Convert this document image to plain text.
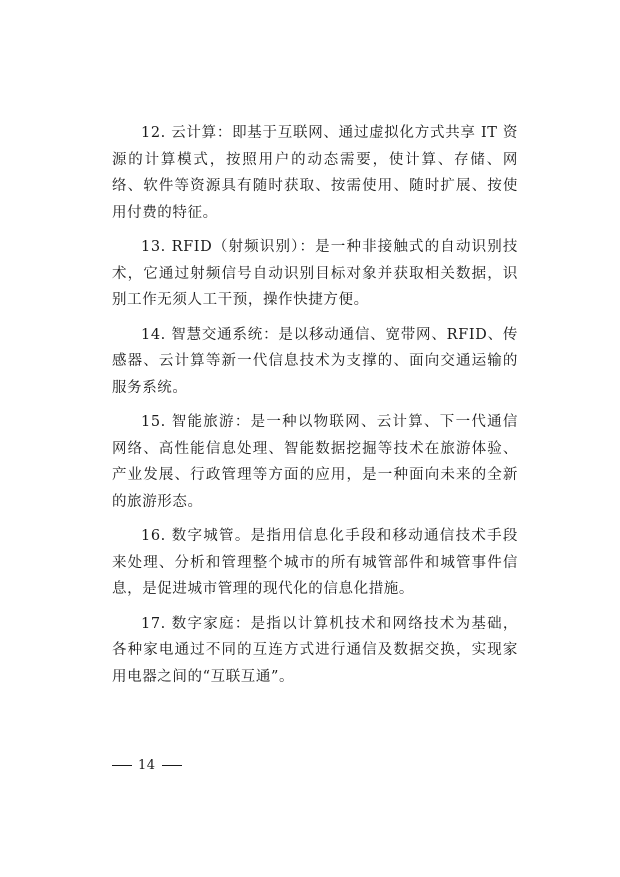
12. 云计算：即基于互联网、通过虚拟化方式共享 IT 资源的计算模式，按照用户的动态需要，使计算、存储、网络、软件等资源具有随时获取、按需使用、随时扩展、按使用付费的特征。

13. RFID（射频识别）：是一种非接触式的自动识别技术，它通过射频信号自动识别目标对象并获取相关数据，识别工作无须人工干预，操作快捷方便。

14. 智慧交通系统：是以移动通信、宽带网、RFID、传感器、云计算等新一代信息技术为支撑的、面向交通运输的服务系统。

15. 智能旅游：是一种以物联网、云计算、下一代通信网络、高性能信息处理、智能数据挖掘等技术在旅游体验、产业发展、行政管理等方面的应用，是一种面向未来的全新的旅游形态。

16. 数字城管。是指用信息化手段和移动通信技术手段来处理、分析和管理整个城市的所有城管部件和城管事件信息，是促进城市管理的现代化的信息化措施。

17. 数字家庭：是指以计算机技术和网络技术为基础，各种家电通过不同的互连方式进行通信及数据交换，实现家用电器之间的“互联互通”。

14
